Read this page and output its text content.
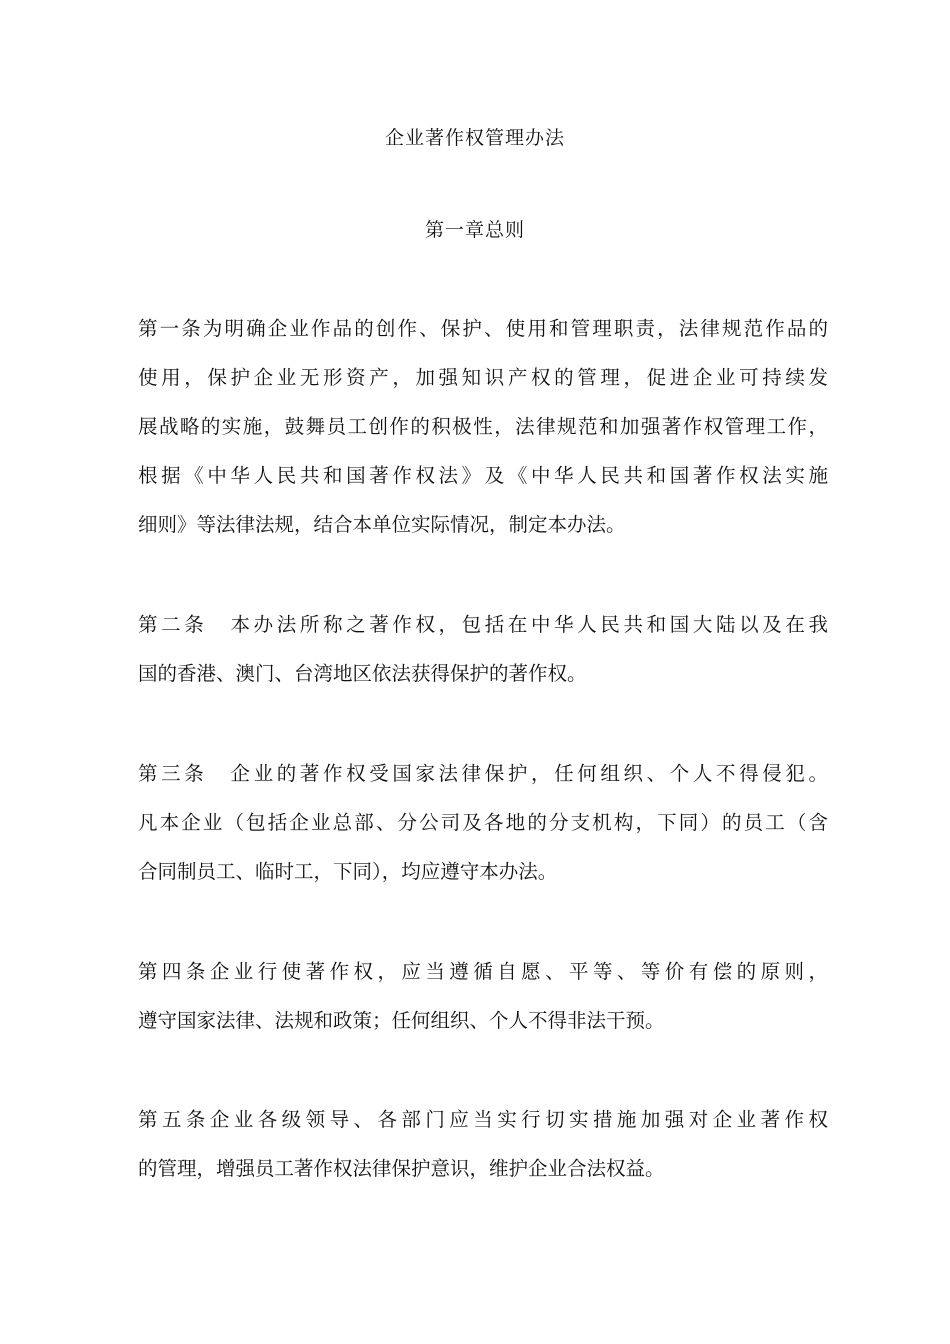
企业著作权管理办法
第一章总则
第一条为明确企业作品的创作、保护、使用和管理职责，法律规范作品的
使用，保护企业无形资产，加强知识产权的管理，促进企业可持续发
展战略的实施，鼓舞员工创作的积极性，法律规范和加强著作权管理工作，
根据《中华人民共和国著作权法》及《中华人民共和国著作权法实施
细则》等法律法规，结合本单位实际情况，制定本办法。
第二条　本办法所称之著作权，包括在中华人民共和国大陆以及在我
国的香港、澳门、台湾地区依法获得保护的著作权。
第三条　企业的著作权受国家法律保护，任何组织、个人不得侵犯。
凡本企业（包括企业总部、分公司及各地的分支机构，下同）的员工（含
合同制员工、临时工，下同），均应遵守本办法。
第四条企业行使著作权，应当遵循自愿、平等、等价有偿的原则，
遵守国家法律、法规和政策；任何组织、个人不得非法干预。
第五条企业各级领导、各部门应当实行切实措施加强对企业著作权
的管理，增强员工著作权法律保护意识，维护企业合法权益。
